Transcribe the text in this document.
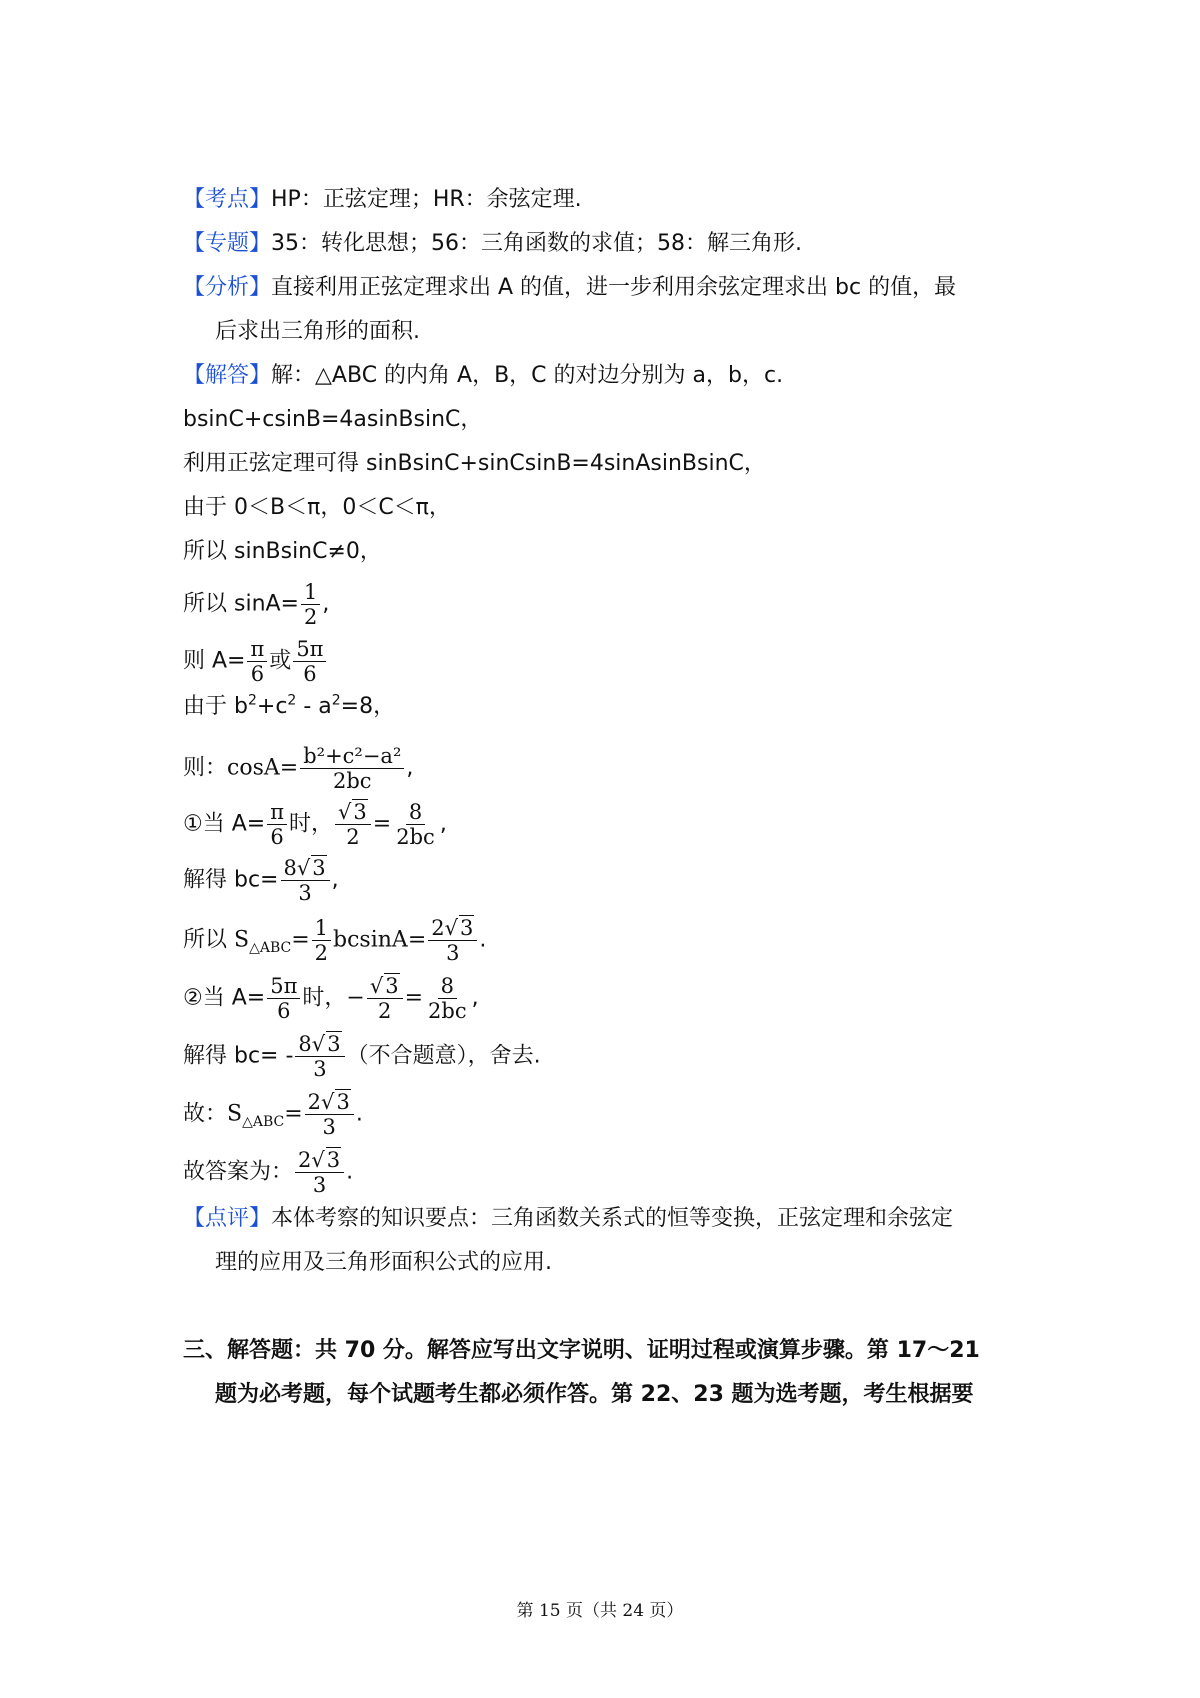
【考点】HP：正弦定理；HR：余弦定理.
【专题】35：转化思想；56：三角函数的求值；58：解三角形.
【分析】直接利用正弦定理求出 A 的值，进一步利用余弦定理求出 bc 的值，最
后求出三角形的面积.
【解答】解：△ABC 的内角 A，B，C 的对边分别为 a，b，c.
bsinC+csinB=4asinBsinC，
利用正弦定理可得 sinBsinC+sinCsinB=4sinAsinBsinC，
由于 0＜B＜π，0＜C＜π，
所以 sinBsinC≠0，
所以 $\sin A= \frac{1}{2}$ ,
则 $A= \frac{\pi}{6}$ 或 $\frac{5\pi}{6}$
由于 $b^2+c^2 - a^2=8$，
则：$\cos A= \frac{\text{b²+c²−a²}}{2bc}$ ,
①当 $A= \frac{\pi}{6}$ 时， $\frac{√3}{2} = \frac{8}{2bc}$ ,
解得 $bc= \frac{8√3}{3}$ ,
所以 $S_{\triangle ABC}= \frac{1}{2} bcsinA= \frac{2√3}{3}$ .
②当 $A= \frac{5\pi}{6}$ 时，− $\frac{√3}{2} = \frac{8}{2bc}$ ,
解得 $bc= - \frac{8√3}{3}$ （不合题意），舍去.
故：$S_{\triangle ABC}= \frac{2√3}{3}$ .
故答案为： $\frac{2√3}{3}$ .
【点评】本体考察的知识要点：三角函数关系式的恒等变换，正弦定理和余弦定
理的应用及三角形面积公式的应用.
三、解答题：共 70 分。解答应写出文字说明、证明过程或演算步骤。第 17～21
题为必考题，每个试题考生都必须作答。第 22、23 题为选考题，考生根据要
第 15 页（共 24 页）
